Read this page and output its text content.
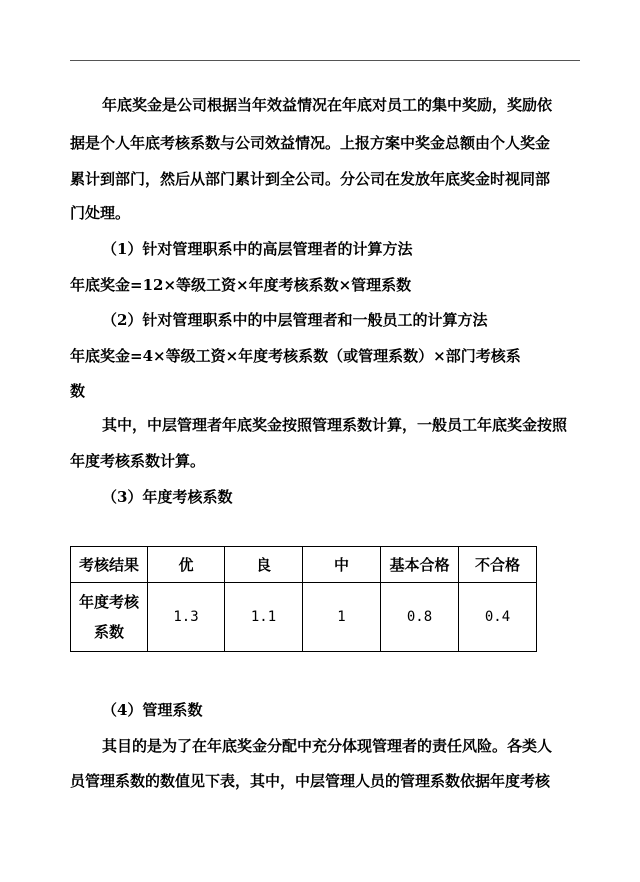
年底奖金是公司根据当年效益情况在年底对员工的集中奖励，奖励依
据是个人年底考核系数与公司效益情况。上报方案中奖金总额由个人奖金
累计到部门，然后从部门累计到全公司。分公司在发放年底奖金时视同部
门处理。
（1）针对管理职系中的高层管理者的计算方法
年底奖金=12×等级工资×年度考核系数×管理系数
（2）针对管理职系中的中层管理者和一般员工的计算方法
年底奖金=4×等级工资×年度考核系数（或管理系数）×部门考核系
数
其中，中层管理者年底奖金按照管理系数计算，一般员工年底奖金按照
年度考核系数计算。
（3）年度考核系数
考核结果	优	良	中	基本合格	不合格
年度考核
系数	1.3	1.1	1	0.8	0.4
（4）管理系数
其目的是为了在年底奖金分配中充分体现管理者的责任风险。各类人
员管理系数的数值见下表，其中，中层管理人员的管理系数依据年度考核
